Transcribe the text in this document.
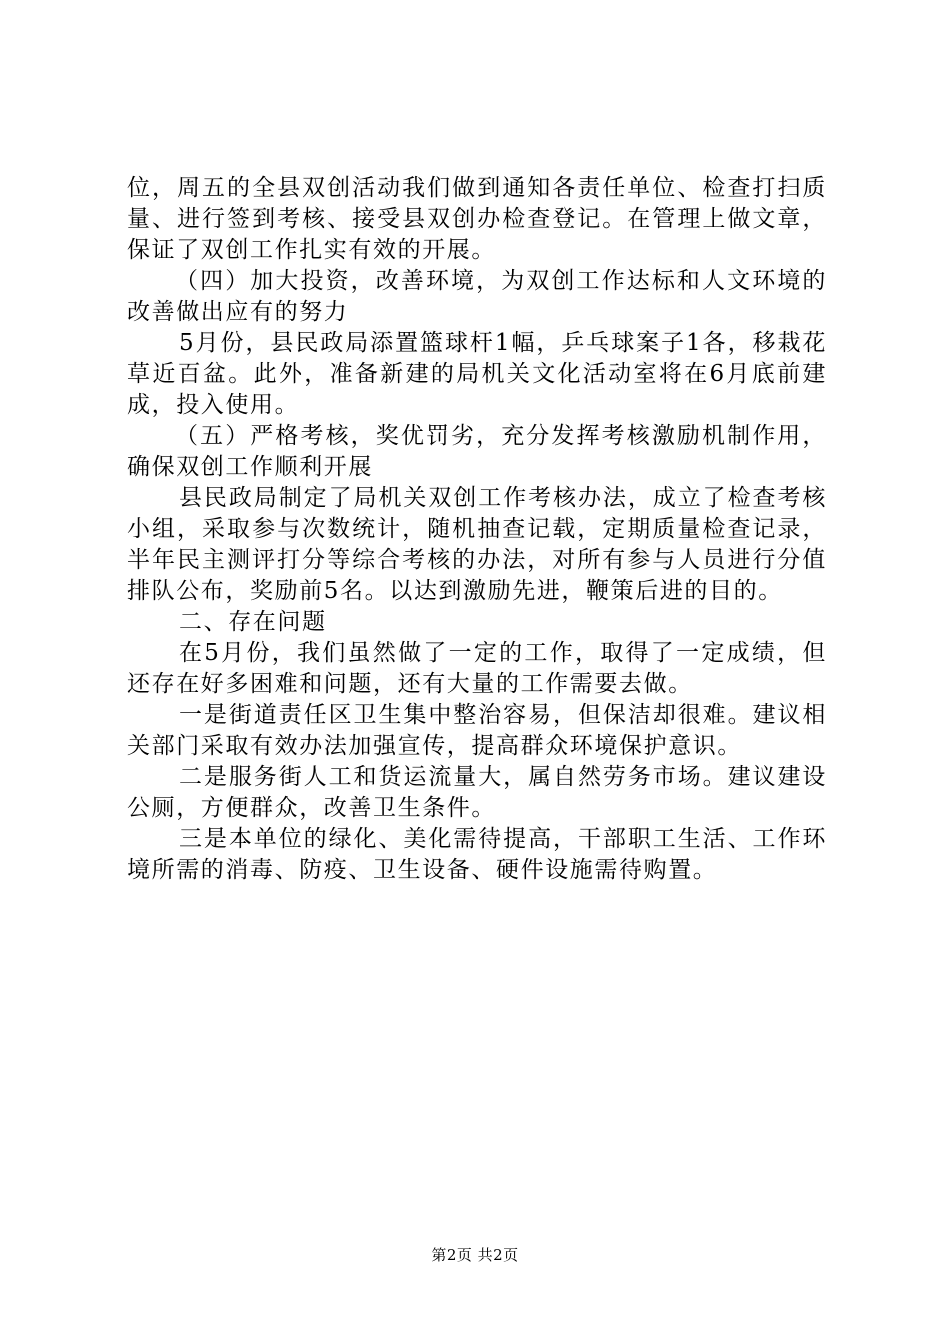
位，周五的全县双创活动我们做到通知各责任单位、检查打扫质量、进行签到考核、接受县双创办检查登记。在管理上做文章，保证了双创工作扎实有效的开展。

（四）加大投资，改善环境，为双创工作达标和人文环境的改善做出应有的努力

5月份，县民政局添置篮球杆1幅，乒乓球案子1各，移栽花草近百盆。此外，准备新建的局机关文化活动室将在6月底前建成，投入使用。

（五）严格考核，奖优罚劣，充分发挥考核激励机制作用，确保双创工作顺利开展

县民政局制定了局机关双创工作考核办法，成立了检查考核小组，采取参与次数统计，随机抽查记载，定期质量检查记录，半年民主测评打分等综合考核的办法，对所有参与人员进行分值排队公布，奖励前5名。以达到激励先进，鞭策后进的目的。

二、存在问题

在5月份，我们虽然做了一定的工作，取得了一定成绩，但还存在好多困难和问题，还有大量的工作需要去做。

一是街道责任区卫生集中整治容易，但保洁却很难。建议相关部门采取有效办法加强宣传，提高群众环境保护意识。

二是服务街人工和货运流量大，属自然劳务市场。建议建设公厕，方便群众，改善卫生条件。

三是本单位的绿化、美化需待提高，干部职工生活、工作环境所需的消毒、防疫、卫生设备、硬件设施需待购置。

第2页 共2页
